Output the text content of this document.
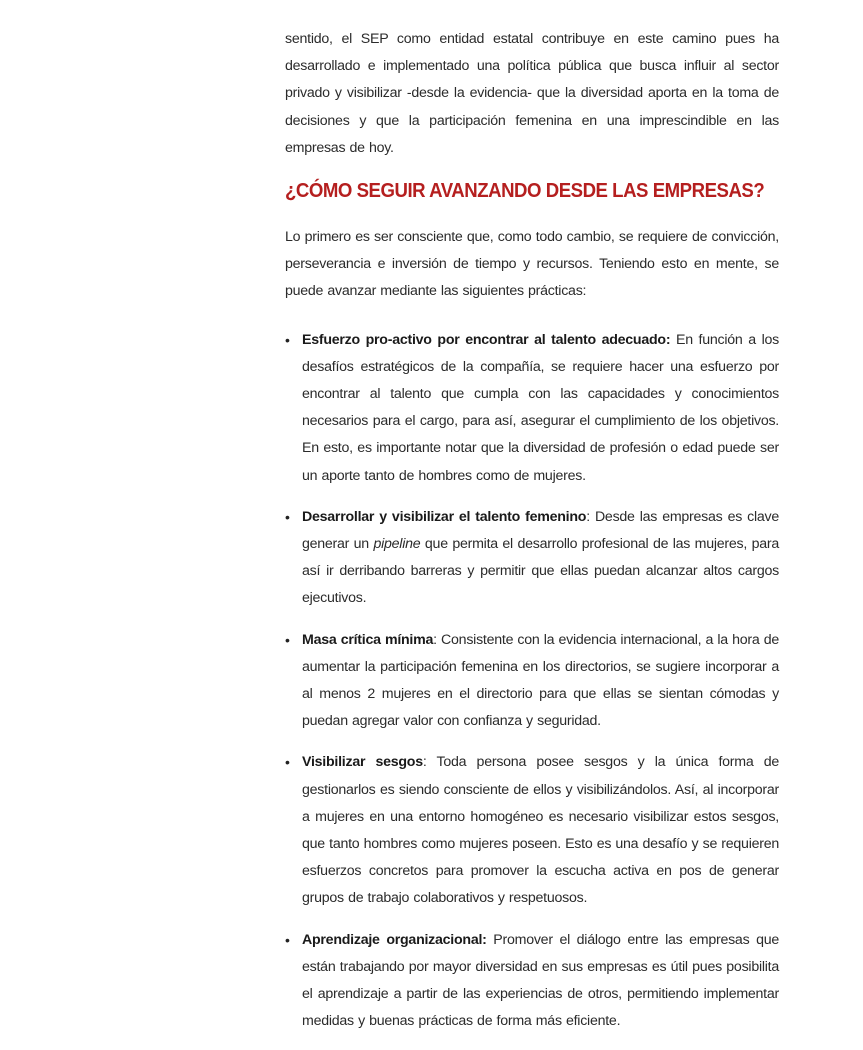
sentido, el SEP como entidad estatal contribuye en este camino pues ha desarrollado e implementado una política pública que busca influir al sector privado y visibilizar -desde la evidencia- que la diversidad aporta en la toma de decisiones y que la participación femenina en una imprescindible en las empresas de hoy.

¿CÓMO SEGUIR AVANZANDO DESDE LAS EMPRESAS?

Lo primero es ser consciente que, como todo cambio, se requiere de convicción, perseverancia e inversión de tiempo y recursos. Teniendo esto en mente, se puede avanzar mediante las siguientes prácticas:

• Esfuerzo pro-activo por encontrar al talento adecuado: En función a los desafíos estratégicos de la compañía, se requiere hacer una esfuerzo por encontrar al talento que cumpla con las capacidades y conocimientos necesarios para el cargo, para así, asegurar el cumplimiento de los objetivos. En esto, es importante notar que la diversidad de profesión o edad puede ser un aporte tanto de hombres como de mujeres.
• Desarrollar y visibilizar el talento femenino: Desde las empresas es clave generar un pipeline que permita el desarrollo profesional de las mujeres, para así ir derribando barreras y permitir que ellas puedan alcanzar altos cargos ejecutivos.
• Masa crítica mínima: Consistente con la evidencia internacional, a la hora de aumentar la participación femenina en los directorios, se sugiere incorporar a al menos 2 mujeres en el directorio para que ellas se sientan cómodas y puedan agregar valor con confianza y seguridad.
• Visibilizar sesgos: Toda persona posee sesgos y la única forma de gestionarlos es siendo consciente de ellos y visibilizándolos. Así, al incorporar a mujeres en una entorno homogéneo es necesario visibilizar estos sesgos, que tanto hombres como mujeres poseen. Esto es una desafío y se requieren esfuerzos concretos para promover la escucha activa en pos de generar grupos de trabajo colaborativos y respetuosos.
• Aprendizaje organizacional: Promover el diálogo entre las empresas que están trabajando por mayor diversidad en sus empresas es útil pues posibilita el aprendizaje a partir de las experiencias de otros, permitiendo implementar medidas y buenas prácticas de forma más eficiente.
